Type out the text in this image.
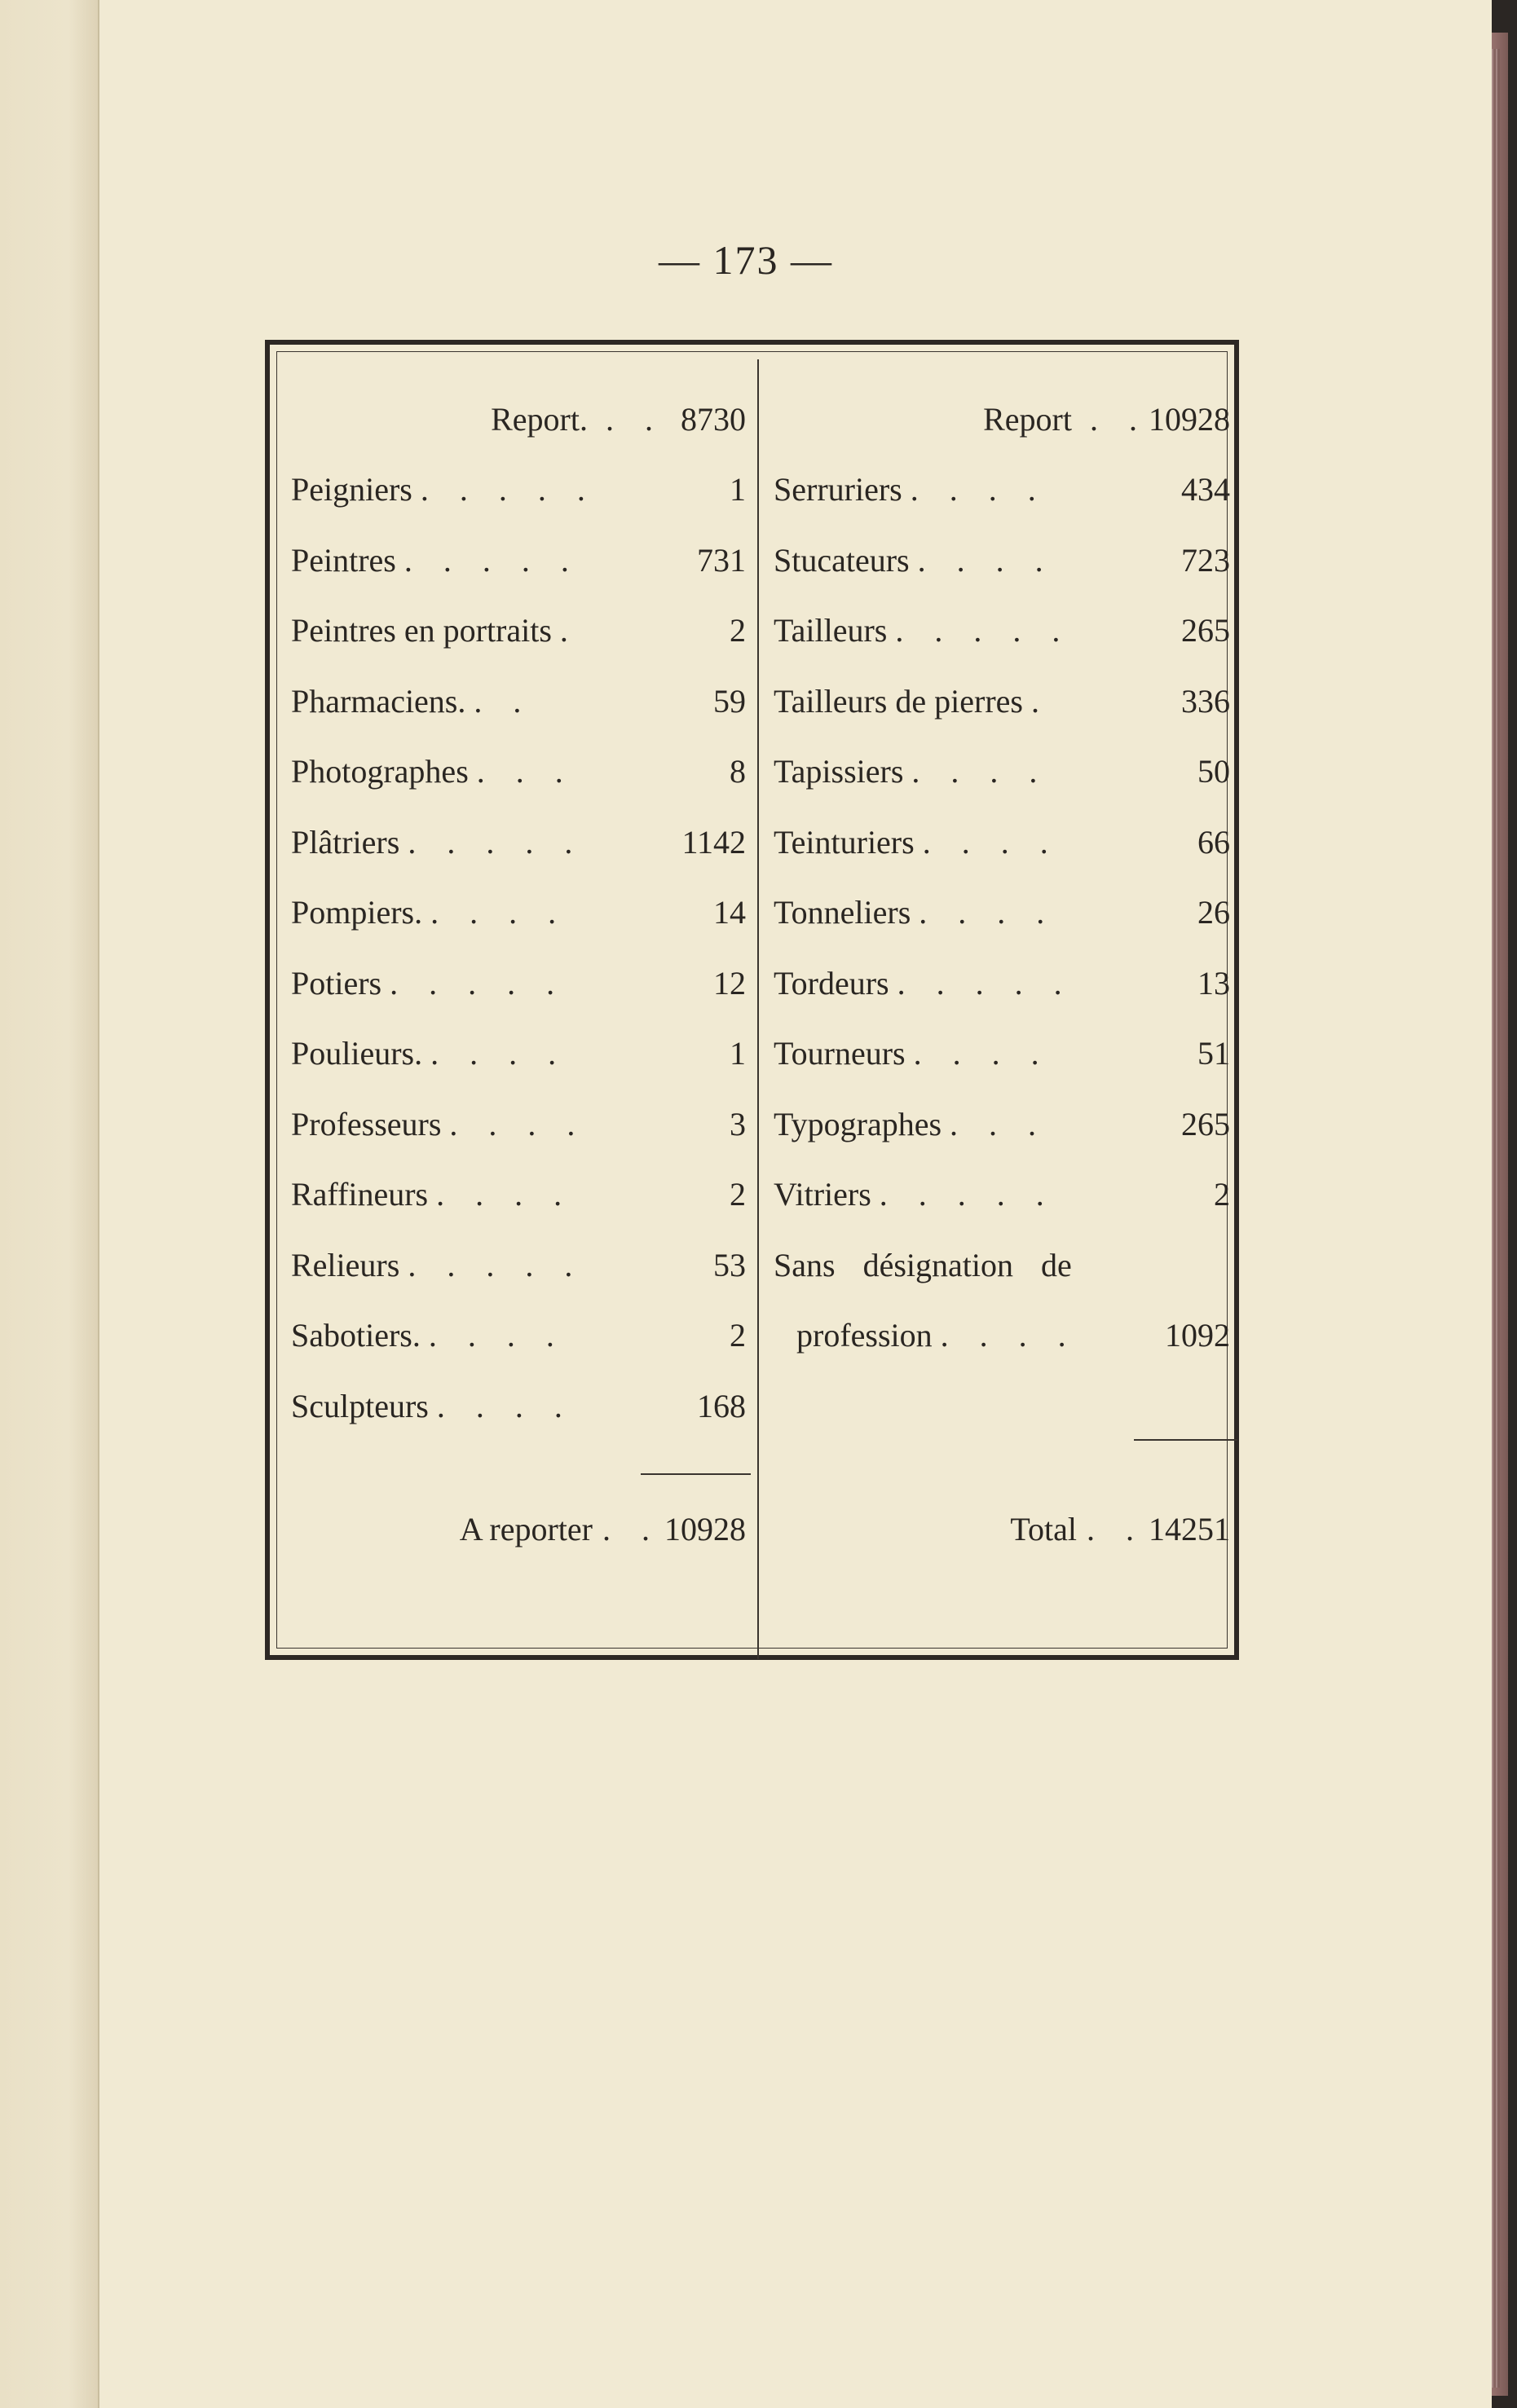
— 173 —
Report. . . 8730
Peigniers . . . . .	1
Peintres . . . . .	731
Peintres en portraits .	2
Pharmaciens. . .	59
Photographes . . .	8
Plâtriers . . . . .	1142
Pompiers. . . . .	14
Potiers . . . . .	12
Poulieurs. . . . .	1
Professeurs . . . .	3
Raffineurs . . . .	2
Relieurs . . . . .	53
Sabotiers. . . . .	2
Sculpteurs . . . .	168
Report . . 10928
Serruriers . . . .	434
Stucateurs . . . .	723
Tailleurs . . . . .	265
Tailleurs de pierres .	336
Tapissiers . . . .	50
Teinturiers . . . .	66
Tonneliers . . . .	26
Tordeurs . . . . .	13
Tourneurs . . . .	51
Typographes . . .	265
Vitriers . . . . .	2
Sans désignation de
profession . . . .	1092
A reporter . . 10928	Total . . 14251
